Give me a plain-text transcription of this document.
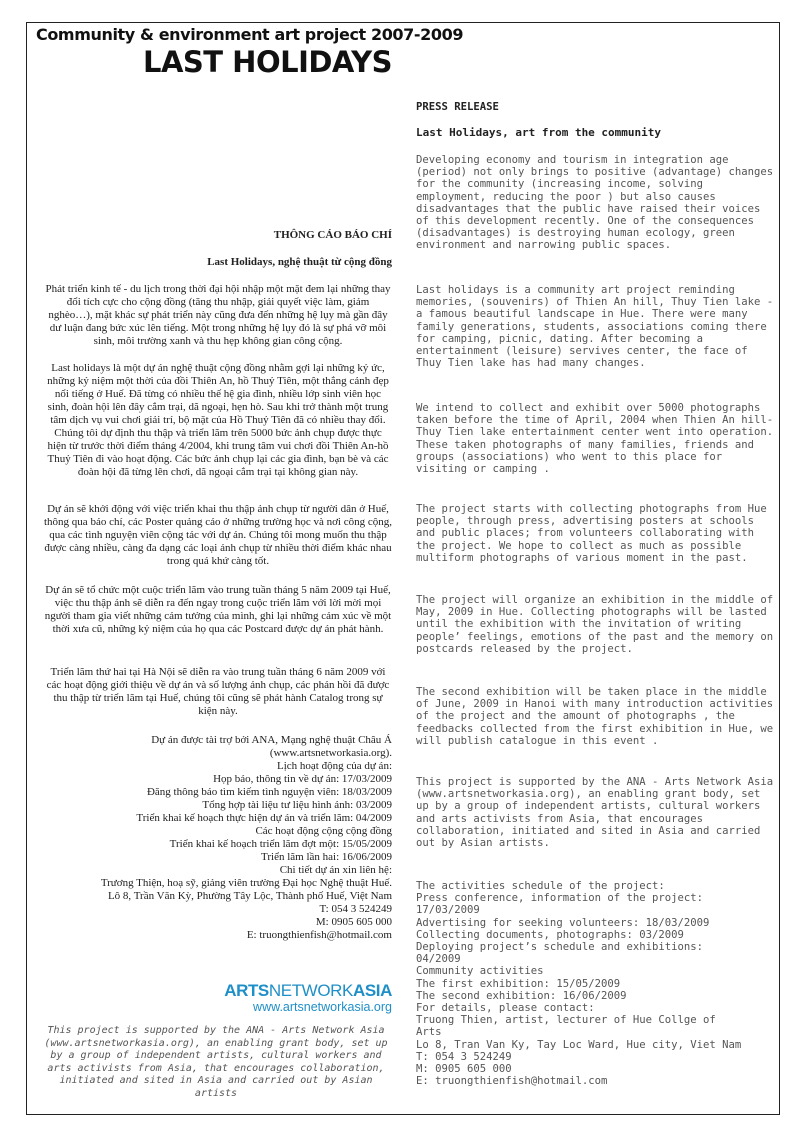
Community & environment art project 2007-2009
LAST HOLIDAYS
THÔNG CÁO BÁO CHÍ
Last Holidays, nghệ thuật từ cộng đồng

Phát triển kinh tế - du lịch trong thời đại hội nhập một mặt đem lại những thay đổi tích cực cho cộng đồng (tăng thu nhập, giải quyết việc làm, giảm nghèo…), mặt khác sự phát triển này cũng đưa đến những hệ lụy mà gần đây dư luận đang bức xúc lên tiếng. Một trong những hệ lụy đó là sự phá vỡ môi sinh, môi trường xanh và thu hẹp không gian công cộng.

Last holidays là một dự án nghệ thuật cộng đồng nhằm gợi lại những ký ức, những kỷ niệm một thời của đồi Thiên An, hồ Thuỷ Tiên, một thắng cảnh đẹp nổi tiếng ở Huế. Đã từng có nhiều thế hệ gia đình, nhiều lớp sinh viên học sinh, đoàn hội lên đây cắm trại, dã ngoại, hẹn hò. Sau khi trở thành một trung tâm dịch vụ vui chơi giải trí, bộ mặt của Hồ Thuỷ Tiên đã có nhiều thay đổi. Chúng tôi dự định thu thập và triển lãm trên 5000 bức ảnh chụp được thực hiện từ trước thời điểm tháng 4/2004, khi trung tâm vui chơi đồi Thiên An-hồ Thuỷ Tiên đi vào hoạt động. Các bức ảnh chụp lại các gia đình, bạn bè và các đoàn hội đã từng lên chơi, dã ngoại cắm trại tại không gian này.

Dự án sẽ khởi động với việc triển khai thu thập ảnh chụp từ người dân ở Huế, thông qua báo chí, các Poster quảng cáo ở những trường học và nơi công cộng, qua các tình nguyện viên cộng tác với dự án. Chúng tôi mong muốn thu thập được càng nhiều, càng đa dạng các loại ảnh chụp từ nhiều thời điểm khác nhau trong quá khứ càng tốt.

Dự án sẽ tổ chức một cuộc triển lãm vào trung tuần tháng 5 năm 2009 tại Huế, việc thu thập ảnh sẽ diễn ra đến ngay trong cuộc triển lãm với lời mời mọi người tham gia viết những cảm tưởng của mình, ghi lại những cảm xúc về một thời xưa cũ, những kỷ niệm của họ qua các Postcard được dự án phát hành.

Triển lãm thứ hai tại Hà Nội sẽ diễn ra vào trung tuần tháng 6 năm 2009 với các hoạt động giới thiệu về dự án và số lượng ảnh chụp, các phản hồi đã được thu thập từ triển lãm tại Huế, chúng tôi cũng sẽ phát hành Catalog trong sự kiện này.

Dự án được tài trợ bởi ANA, Mạng nghệ thuật Châu Á
(www.artsnetworkasia.org).
Lịch hoạt động của dự án:
Họp báo, thông tin về dự án: 17/03/2009
Đăng thông báo tìm kiếm tình nguyện viên: 18/03/2009
Tổng hợp tài liệu tư liệu hình ảnh: 03/2009
Triển khai kế hoạch thực hiện dự án và triển lãm: 04/2009
Các hoạt động cộng cộng đồng
Triển khai kế hoạch triển lãm đợt một: 15/05/2009
Triển lãm lần hai: 16/06/2009
Chi tiết dự án xin liên hệ:
Trương Thiện, hoạ sỹ, giảng viên trường Đại học Nghệ thuật Huế.
Lô 8, Trần Văn Kỳ, Phường Tây Lộc, Thành phố Huế, Việt Nam
T: 054 3 524249
M: 0905 605 000
E: truongthienfish@hotmail.com
ARTSNETWORKASIA
www.artsnetworkasia.org
This project is supported by the ANA - Arts Network Asia (www.artsnetworkasia.org), an enabling grant body, set up by a group of independent artists, cultural workers and arts activists from Asia, that encourages collaboration, initiated and sited in Asia and carried out by Asian artists
PRESS RELEASE
Last Holidays, art from the community

Developing economy and tourism in integration age (period) not only brings to positive (advantage) changes for the community (increasing income, solving employment, reducing the poor ) but also causes disadvantages that the public have raised their voices of this development recently. One of the consequences (disadvantages) is destroying human ecology, green environment and narrowing public spaces.

Last holidays is a community art project reminding memories, (souvenirs) of Thien An hill, Thuy Tien lake - a famous beautiful landscape in Hue. There were many family generations, students, associations coming there for camping, picnic, dating. After becoming a entertainment (leisure) servives center, the face of Thuy Tien lake has had many changes.

We intend to collect and exhibit over 5000 photographs taken before the time of April, 2004 when Thien An hill-Thuy Tien lake entertainment center went into operation. These taken photographs of many families, friends and groups (associations) who went to this place for visiting or camping .

The project starts with collecting photographs from Hue people, through press, advertising posters at schools and public places; from volunteers collaborating with the project. We hope to collect as much as possible multiform photographs of various moment in the past.

The project will organize an exhibition in the middle of May, 2009 in Hue. Collecting photographs will be lasted until the exhibition with the invitation of writing people’ feelings, emotions of the past and the memory on postcards released by the project.

The second exhibition will be taken place in the middle of June, 2009 in Hanoi with many introduction activities of the project and the amount of photographs , the feedbacks collected from the first exhibition in Hue, we will publish catalogue in this event .

This project is supported by the ANA - Arts Network Asia (www.artsnetworkasia.org), an enabling grant body, set up by a group of independent artists, cultural workers and arts activists from Asia, that encourages collaboration, initiated and sited in Asia and carried out by Asian artists.

The activities schedule of the project:
Press conference, information of the project:
17/03/2009
Advertising for seeking volunteers: 18/03/2009
Collecting documents, photographs: 03/2009
Deploying project’s schedule and exhibitions:
04/2009
Community activities
The first exhibition: 15/05/2009
The second exhibition: 16/06/2009
For details, please contact:
Truong Thien, artist, lecturer of Hue Collge of
Arts
Lo 8, Tran Van Ky, Tay Loc Ward, Hue city, Viet Nam
T: 054 3 524249
M: 0905 605 000
E: truongthienfish@hotmail.com
